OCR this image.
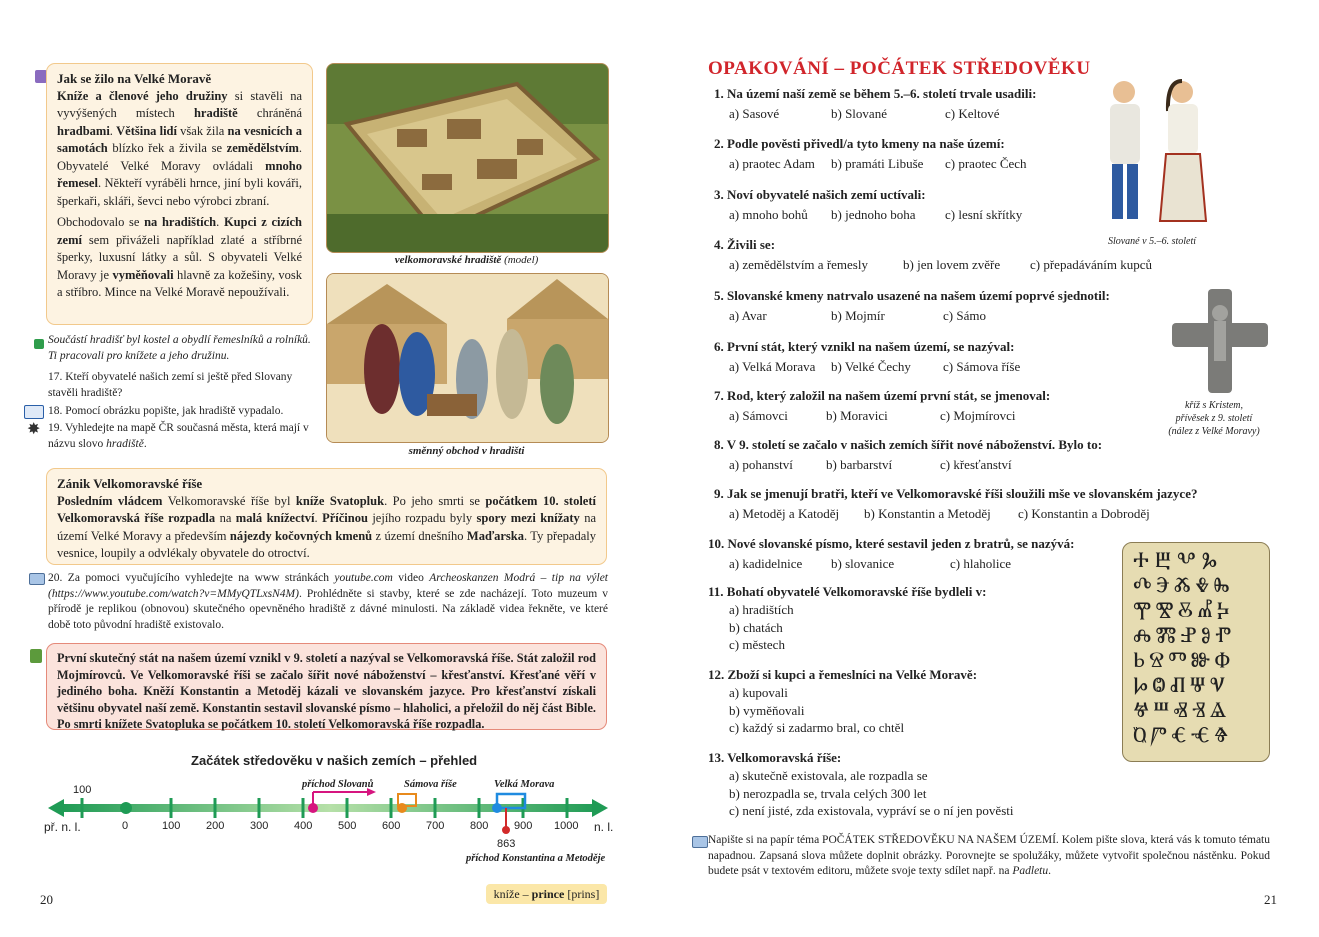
Jak se žilo na Velké Moravě

Kníže a členové jeho družiny si stavěli na vyvýšených místech hradiště chráněná hradbami. Většina lidí však žila na vesnicích a samotách blízko řek a živila se zemědělstvím. Obyvatelé Velké Moravy ovládali mnoho řemesel. Někteří vyráběli hrnce, jiní byli kováři, šperkaři, skláři, ševci nebo výrobci zbraní.

Obchodovalo se na hradištích. Kupci z cizích zemí sem přiváželi například zlaté a stříbrné šperky, luxusní látky a sůl. S obyvateli Velké Moravy je vyměňovali hlavně za kožešiny, vosk a stříbro. Mince na Velké Moravě nepoužívali.

velkomoravské hradiště (model)
směnný obchod v hradišti
Součástí hradišť byl kostel a obydlí řemeslníků a rolníků. Ti pracovali pro knížete a jeho družinu.
17. Kteří obyvatelé našich zemí si ještě před Slovany stavěli hradiště?
18. Pomocí obrázku popište, jak hradiště vypadalo.
✸ 19. Vyhledejte na mapě ČR současná města, která mají v názvu slovo hradiště.
Zánik Velkomoravské říše

Posledním vládcem Velkomoravské říše byl kníže Svatopluk. Po jeho smrti se počátkem 10. století Velkomoravská říše rozpadla na malá knížectví. Příčinou jejího rozpadu byly spory mezi knížaty na území Velké Moravy a především nájezdy kočovných kmenů z území dnešního Maďarska. Ty přepadaly vesnice, loupily a odvlékaly obyvatele do otroctví.

20. Za pomoci vyučujícího vyhledejte na www stránkách youtube.com video Archeoskanzen Modrá – tip na výlet (https://www.youtube.com/watch?v=MMyQTLxsN4M). Prohlédněte si stavby, které se zde nacházejí. Toto muzeum v přírodě je replikou (obnovou) skutečného opevněného hradiště z dávné minulosti. Na základě videa řekněte, ve které době toto původní hradiště existovalo.
První skutečný stát na našem území vznikl v 9. století a nazýval se Velkomoravská říše. Stát založil rod Mojmírovců. Ve Velkomoravské říši se začalo šířit nové náboženství – křesťanství. Křesťané věří v jediného boha. Kněží Konstantin a Metoděj kázali ve slovanském jazyce. Pro křesťanství získali většinu obyvatel naší země. Konstantin sestavil slovanské písmo – hlaholici, a přeložil do něj část Bible. Po smrti knížete Svatopluka se počátkem 10. století Velkomoravská říše rozpadla.
Začátek středověku v našich zemích – přehled
100
př. n. l.	n. l.
0	100 200 300 400 500 600 700 800 900 1000
863
příchod Slovanů	Sámova říše	Velká Morava
příchod Konstantina a Metoděje
20	kníže – prince [prins]
OPAKOVÁNÍ – POČÁTEK STŘEDOVĚKU
1. Na území naší země se během 5.–6. století trvale usadili:
a) Sasové	b) Slované	c) Keltové
2. Podle pověsti přivedl/a tyto kmeny na naše území:
a) praotec Adam b) pramáti Libuše c) praotec Čech
3. Noví obyvatelé našich zemí uctívali:
a) mnoho bohů b) jednoho boha c) lesní skřítky
4. Živili se:
a) zemědělstvím a řemesly	b) jen lovem zvěře c) přepadáváním kupců
5. Slovanské kmeny natrvalo usazené na našem území poprvé sjednotil:
a) Avar	b) Mojmír	c) Sámo
6. První stát, který vznikl na našem území, se nazýval:
a) Velká Morava b) Velké Čechy c) Sámova říše
7. Rod, který založil na našem území první stát, se jmenoval:
a) Sámovci	b) Moravici	c) Mojmírovci
8. V 9. století se začalo v našich zemích šířit nové náboženství. Bylo to:
a) pohanství	b) barbarství	c) křesťanství
9. Jak se jmenují bratři, kteří ve Velkomoravské říši sloužili mše ve slovanském jazyce?
a) Metoděj a Katoděj b) Konstantin a Metoděj c) Konstantin a Dobroděj
10. Nové slovanské písmo, které sestavil jeden z bratrů, se nazývá:
a) kadidelnice b) slovanice	c) hlaholice
11. Bohatí obyvatelé Velkomoravské říše bydleli v:
a) hradištích
b) chatách
c) městech
12. Zboží si kupci a řemeslníci na Velké Moravě:
a) kupovali
b) vyměňovali
c) každý si zadarmo bral, co chtěl
13. Velkomoravská říše:
a) skutečně existovala, ale rozpadla se
b) nerozpadla se, trvala celých 300 let
c) není jisté, zda existovala, vypráví se o ní jen pověsti
Slované v 5.–6. století
kříž s Kristem,
přívěsek z 9. století
(nález z Velké Moravy)
ⰀⰁⰂⰃ
ⰄⰅⰆⰇⰈ
ⰉⰊⰋⰌⰍ
ⰎⰏⰐⰑⰒ
ⰓⰔⰕⰖⰗ
ⰘⰙⰚⰛⰜ
ⰝⰞⰟⰠⰡ
ⰢⰣⰤⰥⰦ
Napište si na papír téma POČÁTEK STŘEDOVĚKU NA NAŠEM ÚZEMÍ. Kolem pište slova, která vás k tomuto tématu napadnou. Zapsaná slova můžete doplnit obrázky. Porovnejte se spolužáky, můžete vytvořit společnou nástěnku. Pokud budete psát v textovém editoru, můžete svoje texty sdílet např. na Padletu.
21
